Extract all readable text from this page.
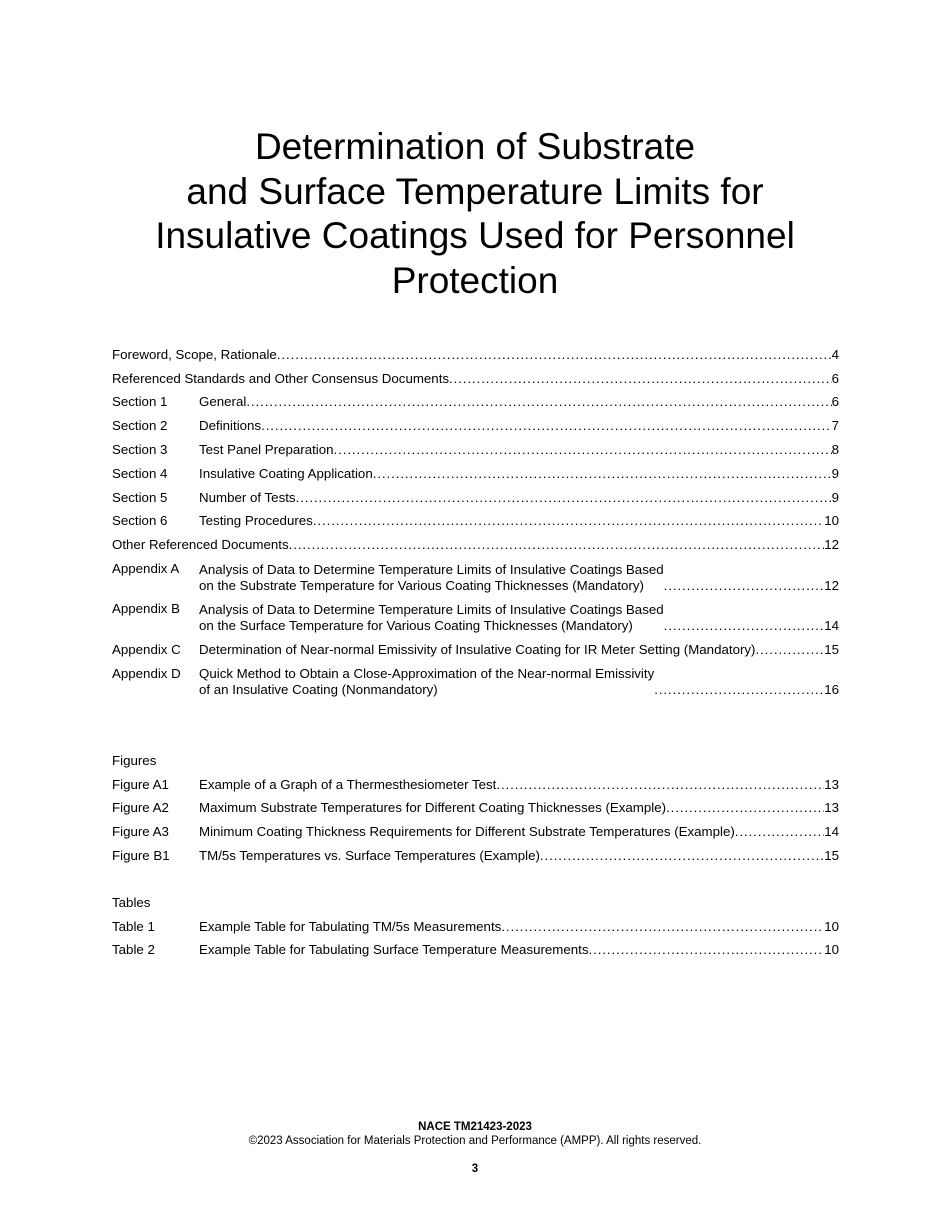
Determination of Substrate
and Surface Temperature Limits for
Insulative Coatings Used for Personnel
Protection
Foreword, Scope, Rationale .....	4
Referenced Standards and Other Consensus Documents .....	6
Section 1	General .....	6
Section 2	Definitions .....	7
Section 3	Test Panel Preparation .....	8
Section 4	Insulative Coating Application .....	9
Section 5	Number of Tests .....	9
Section 6	Testing Procedures .....	10
Other Referenced Documents .....	12
Appendix A	Analysis of Data to Determine Temperature Limits of Insulative Coatings Based
on the Substrate Temperature for Various Coating Thicknesses (Mandatory) .....	12
Appendix B	Analysis of Data to Determine Temperature Limits of Insulative Coatings Based
on the Surface Temperature for Various Coating Thicknesses (Mandatory) .....	14
Appendix C	Determination of Near-normal Emissivity of Insulative Coating for IR Meter Setting (Mandatory) .....	15
Appendix D	Quick Method to Obtain a Close-Approximation of the Near-normal Emissivity
of an Insulative Coating (Nonmandatory) .....	16
Figures
Figure A1	Example of a Graph of a Thermesthesiometer Test .....	13
Figure A2	Maximum Substrate Temperatures for Different Coating Thicknesses (Example) .....	13
Figure A3	Minimum Coating Thickness Requirements for Different Substrate Temperatures (Example) .....	14
Figure B1	TM/5s Temperatures vs. Surface Temperatures (Example) .....	15
Tables
Table 1	Example Table for Tabulating TM/5s Measurements .....	10
Table 2	Example Table for Tabulating Surface Temperature Measurements .....	10
NACE TM21423-2023
©2023 Association for Materials Protection and Performance (AMPP). All rights reserved.
3
